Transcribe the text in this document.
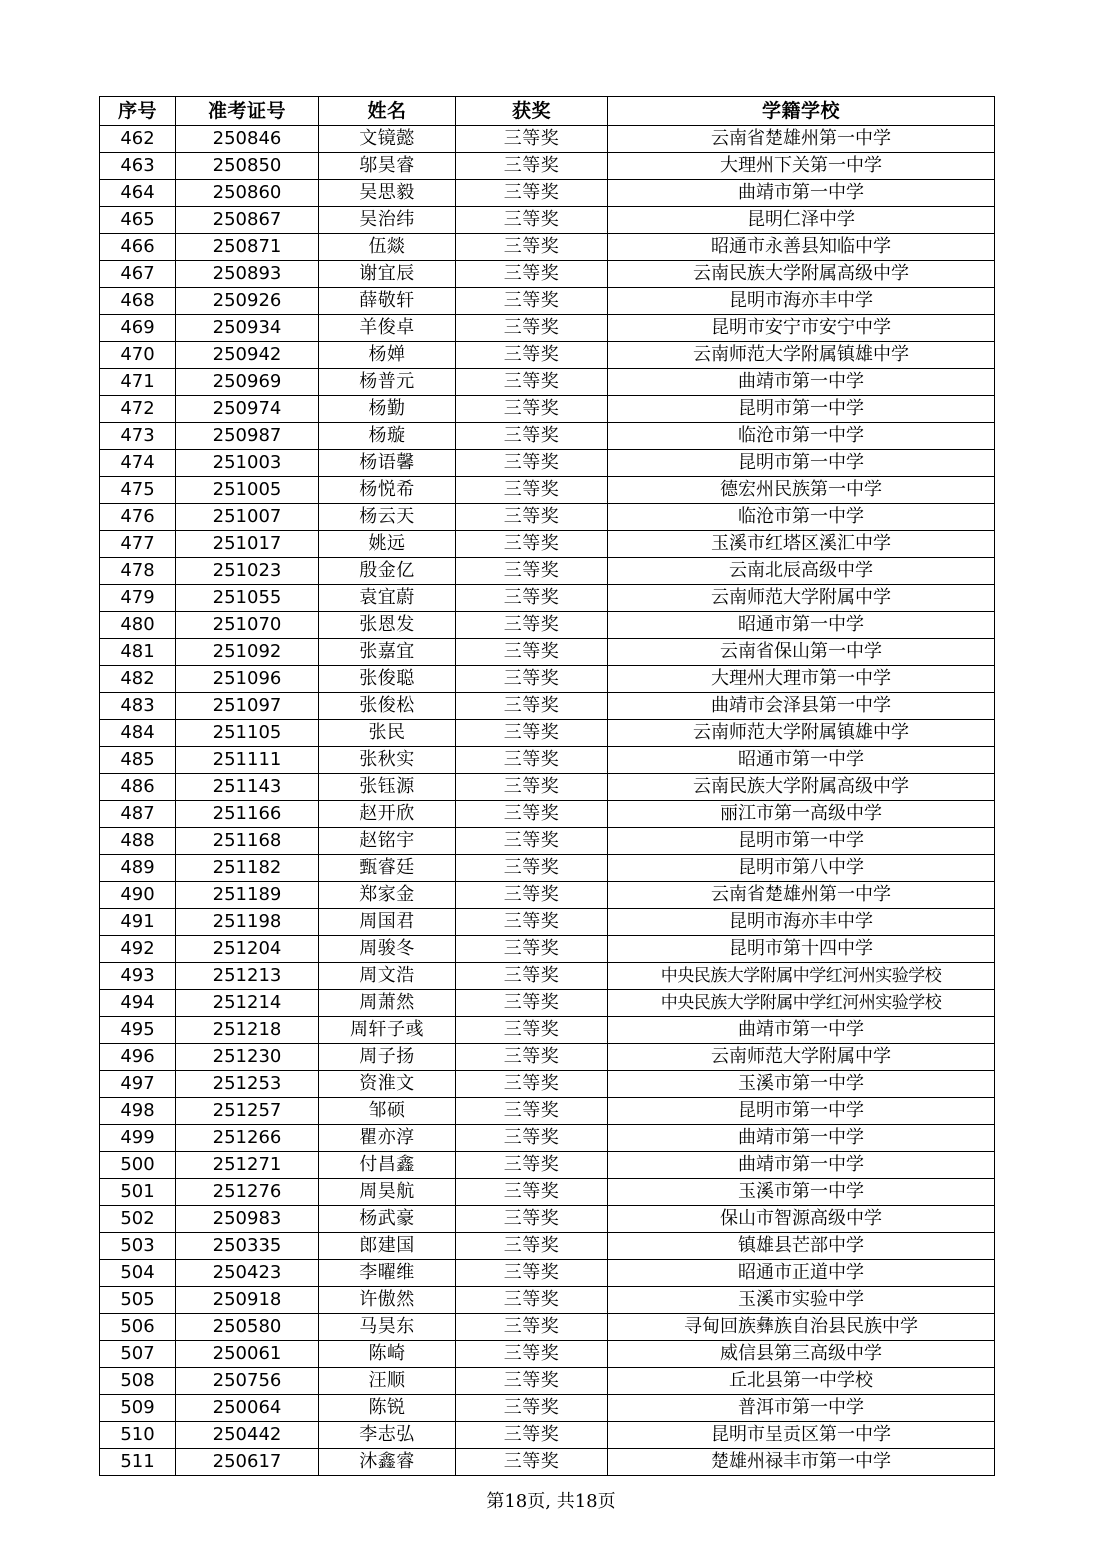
序号	准考证号	姓名	获奖	学籍学校
462	250846	文镜懿	三等奖	云南省楚雄州第一中学
463	250850	邬昊睿	三等奖	大理州下关第一中学
464	250860	吴思毅	三等奖	曲靖市第一中学
465	250867	吴治纬	三等奖	昆明仁泽中学
466	250871	伍燚	三等奖	昭通市永善县知临中学
467	250893	谢宜辰	三等奖	云南民族大学附属高级中学
468	250926	薛敬轩	三等奖	昆明市海亦丰中学
469	250934	羊俊卓	三等奖	昆明市安宁市安宁中学
470	250942	杨婵	三等奖	云南师范大学附属镇雄中学
471	250969	杨普元	三等奖	曲靖市第一中学
472	250974	杨勤	三等奖	昆明市第一中学
473	250987	杨璇	三等奖	临沧市第一中学
474	251003	杨语馨	三等奖	昆明市第一中学
475	251005	杨悦希	三等奖	德宏州民族第一中学
476	251007	杨云天	三等奖	临沧市第一中学
477	251017	姚远	三等奖	玉溪市红塔区溪汇中学
478	251023	殷金亿	三等奖	云南北辰高级中学
479	251055	袁宜蔚	三等奖	云南师范大学附属中学
480	251070	张恩发	三等奖	昭通市第一中学
481	251092	张嘉宜	三等奖	云南省保山第一中学
482	251096	张俊聪	三等奖	大理州大理市第一中学
483	251097	张俊松	三等奖	曲靖市会泽县第一中学
484	251105	张民	三等奖	云南师范大学附属镇雄中学
485	251111	张秋实	三等奖	昭通市第一中学
486	251143	张钰源	三等奖	云南民族大学附属高级中学
487	251166	赵开欣	三等奖	丽江市第一高级中学
488	251168	赵铭宇	三等奖	昆明市第一中学
489	251182	甄睿廷	三等奖	昆明市第八中学
490	251189	郑家金	三等奖	云南省楚雄州第一中学
491	251198	周国君	三等奖	昆明市海亦丰中学
492	251204	周骏冬	三等奖	昆明市第十四中学
493	251213	周文浩	三等奖	中央民族大学附属中学红河州实验学校
494	251214	周萧然	三等奖	中央民族大学附属中学红河州实验学校
495	251218	周轩子彧	三等奖	曲靖市第一中学
496	251230	周子扬	三等奖	云南师范大学附属中学
497	251253	资淮文	三等奖	玉溪市第一中学
498	251257	邹硕	三等奖	昆明市第一中学
499	251266	瞿亦淳	三等奖	曲靖市第一中学
500	251271	付昌鑫	三等奖	曲靖市第一中学
501	251276	周昊航	三等奖	玉溪市第一中学
502	250983	杨武豪	三等奖	保山市智源高级中学
503	250335	郎建国	三等奖	镇雄县芒部中学
504	250423	李曜维	三等奖	昭通市正道中学
505	250918	许傲然	三等奖	玉溪市实验中学
506	250580	马昊东	三等奖	寻甸回族彝族自治县民族中学
507	250061	陈崎	三等奖	威信县第三高级中学
508	250756	汪顺	三等奖	丘北县第一中学校
509	250064	陈锐	三等奖	普洱市第一中学
510	250442	李志弘	三等奖	昆明市呈贡区第一中学
511	250617	沐鑫睿	三等奖	楚雄州禄丰市第一中学
第18页, 共18页
